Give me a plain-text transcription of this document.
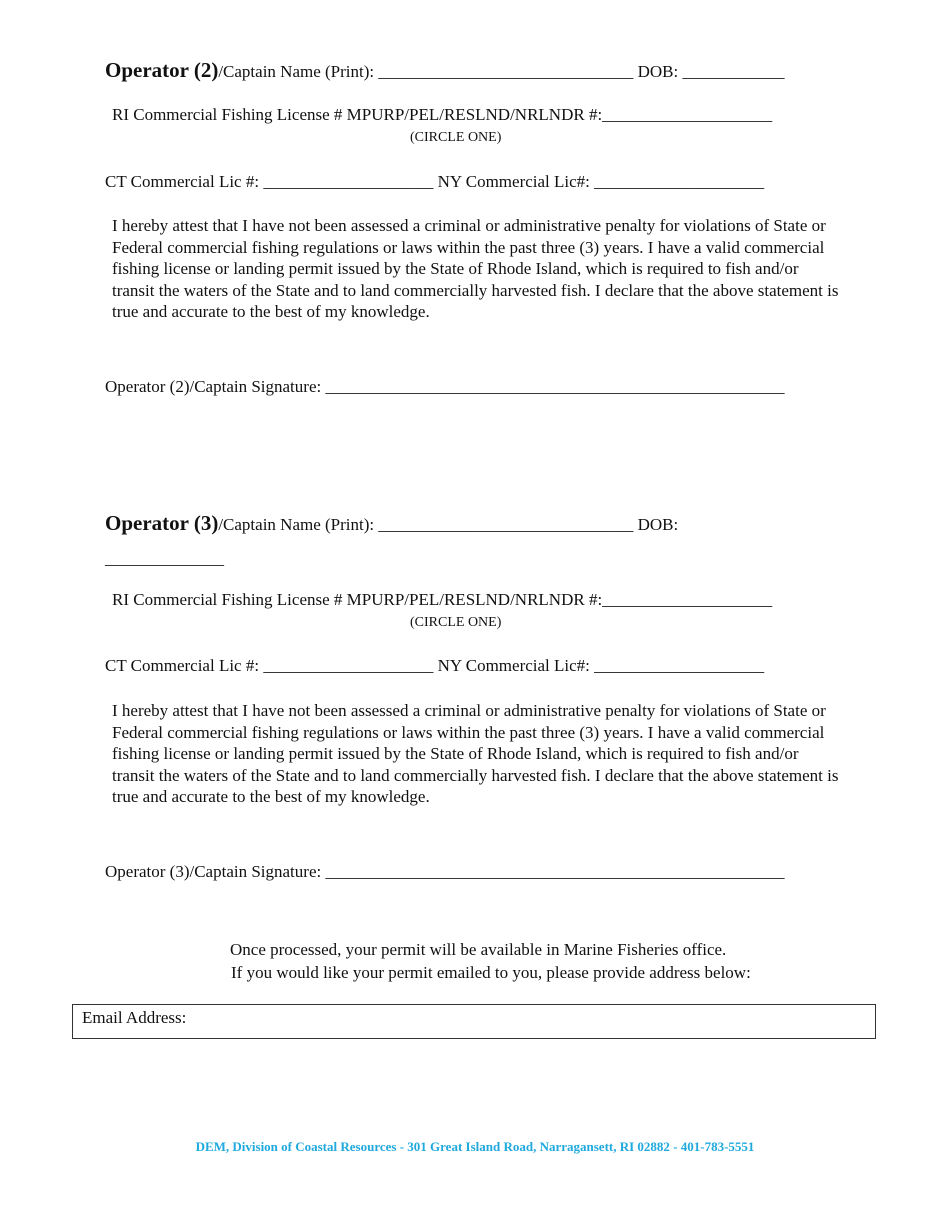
Operator (2)/Captain Name (Print): ______________________________ DOB: ____________
RI Commercial Fishing License # MPURP/PEL/RESLND/NRLNDR #:____________________
(CIRCLE ONE)
CT Commercial Lic #: ____________________ NY Commercial Lic#: ____________________
I hereby attest that I have not been assessed a criminal or administrative penalty for violations of State or Federal commercial fishing regulations or laws within the past three (3) years. I have a valid commercial fishing license or landing permit issued by the State of Rhode Island, which is required to fish and/or transit the waters of the State and to land commercially harvested fish. I declare that the above statement is true and accurate to the best of my knowledge.
Operator (2)/Captain Signature: ______________________________________________________
Operator (3)/Captain Name (Print): ______________________________ DOB:
______________
RI Commercial Fishing License # MPURP/PEL/RESLND/NRLNDR #:____________________
(CIRCLE ONE)
CT Commercial Lic #: ____________________ NY Commercial Lic#: ____________________
I hereby attest that I have not been assessed a criminal or administrative penalty for violations of State or Federal commercial fishing regulations or laws within the past three (3) years. I have a valid commercial fishing license or landing permit issued by the State of Rhode Island, which is required to fish and/or transit the waters of the State and to land commercially harvested fish. I declare that the above statement is true and accurate to the best of my knowledge.
Operator (3)/Captain Signature: ______________________________________________________
Once processed, your permit will be available in Marine Fisheries office.
If you would like your permit emailed to you, please provide address below:
Email Address:
DEM, Division of Coastal Resources - 301 Great Island Road, Narragansett, RI 02882 - 401-783-5551
